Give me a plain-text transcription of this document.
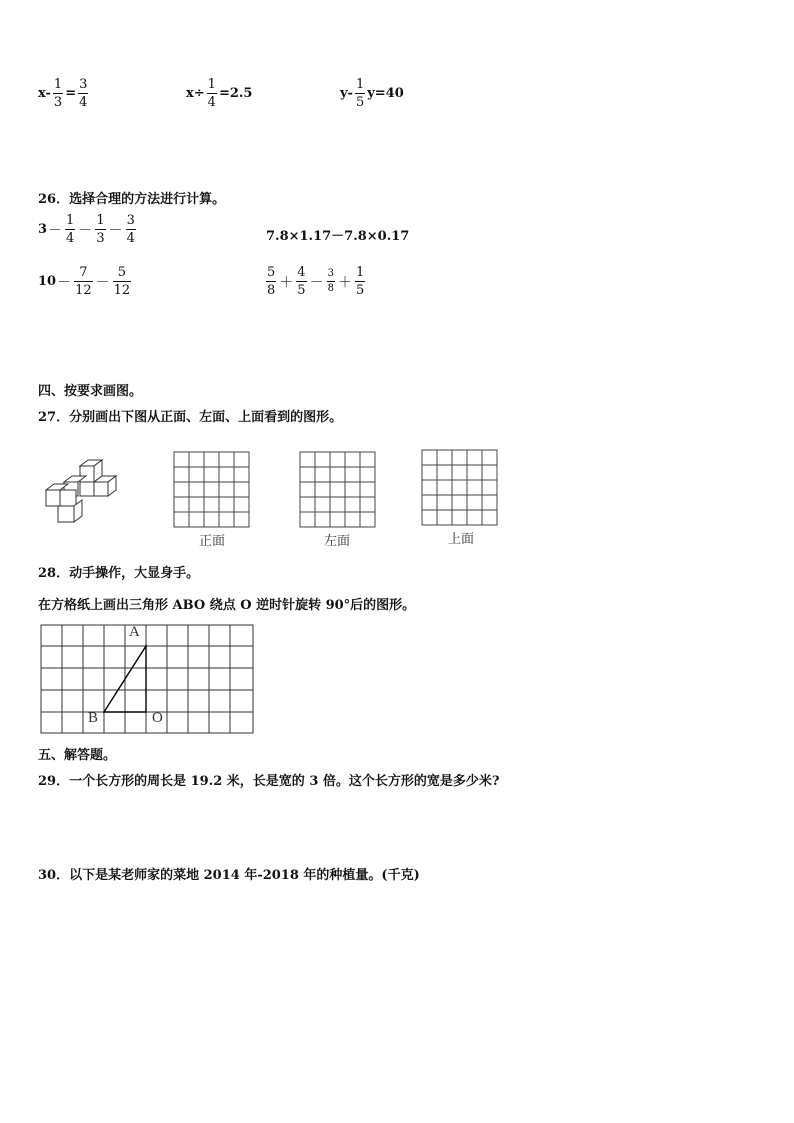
$x- \frac{1}{3} = \frac{3}{4}$	$x\div \frac{1}{4} =2.5$	$y- \frac{1}{5} y=40$
26．选择合理的方法进行计算。
$3 - \frac{1}{4} - \frac{1}{3} - \frac{3}{4}$	7.8×1.17－7.8×0.17
$10 - \frac{7}{12} - \frac{5}{12}$	$\frac{5}{8} + \frac{4}{5} - \frac{3}{8} + \frac{1}{5}$
四、按要求画图。
27．分别画出下图从正面、左面、上面看到的图形。
正面	左面	上面
28．动手操作，大显身手。
在方格纸上画出三角形 ABO 绕点 O 逆时针旋转 90°后的图形。
A
B	O
五、解答题。
29．一个长方形的周长是 19.2 米，长是宽的 3 倍。这个长方形的宽是多少米?
30．以下是某老师家的菜地 2014 年-2018 年的种植量。(千克)
